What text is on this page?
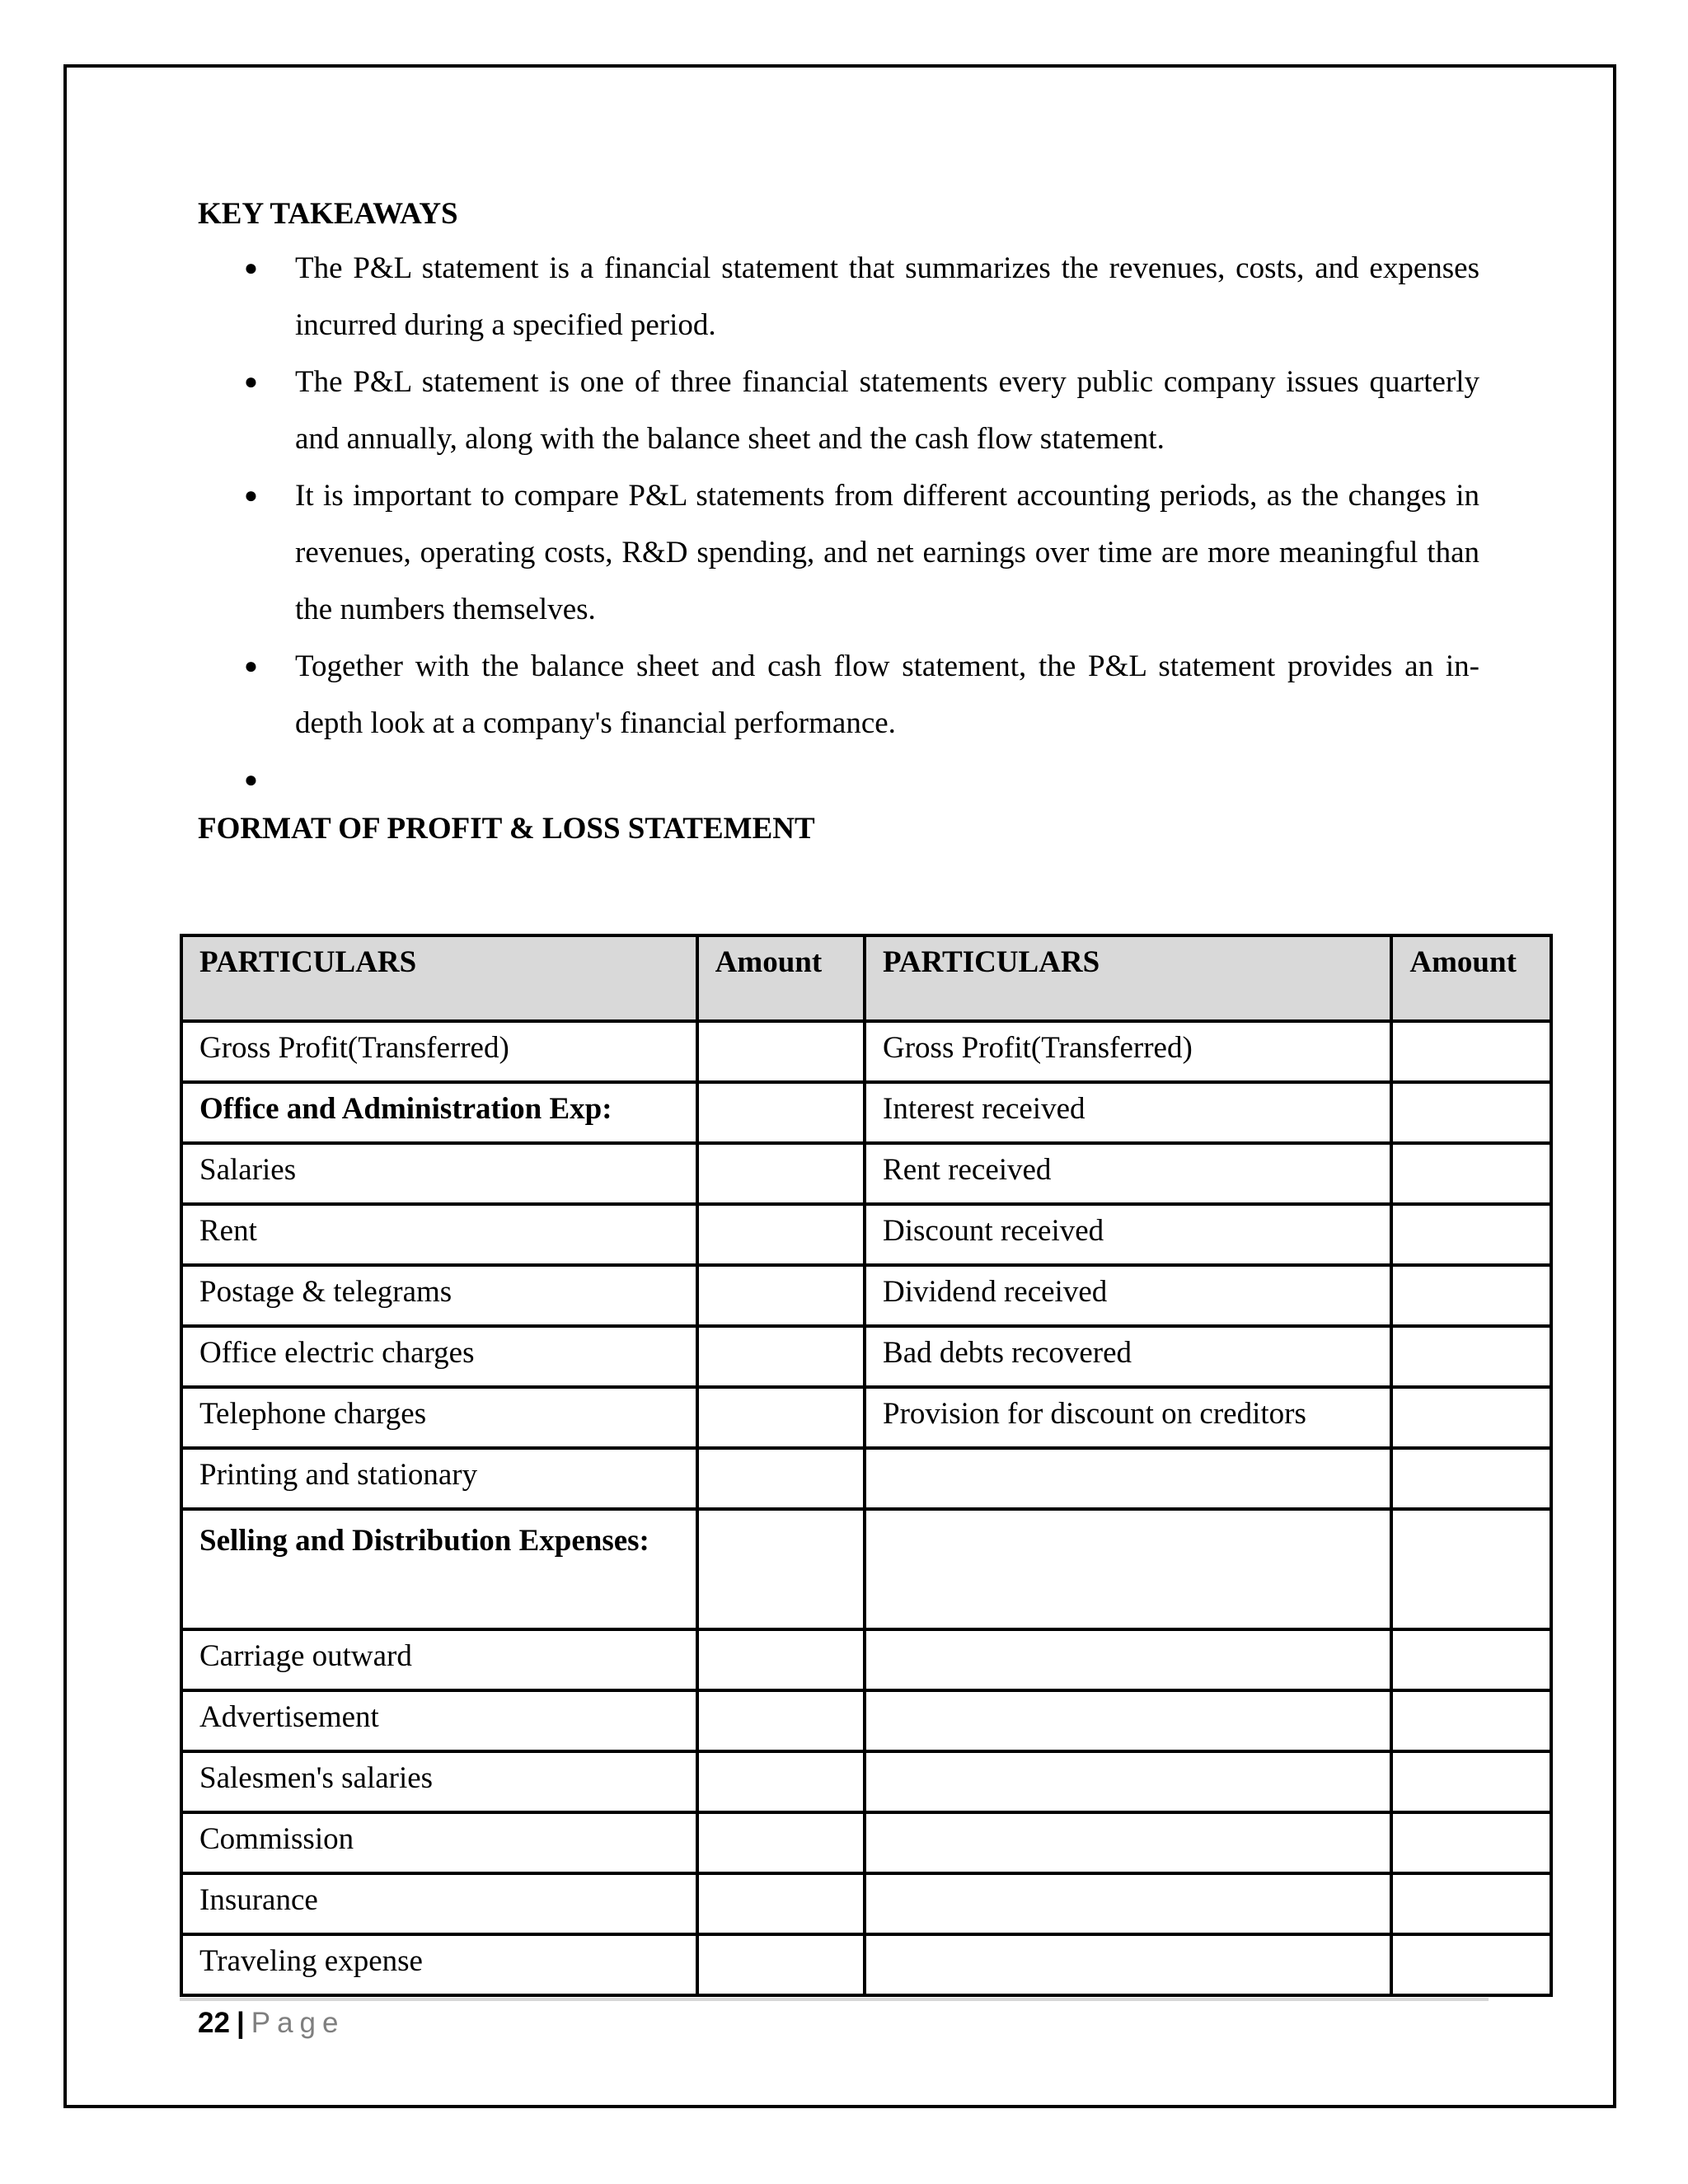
KEY TAKEAWAYS
● The P&L statement is a financial statement that summarizes the revenues, costs, and expenses incurred during a specified period.
● The P&L statement is one of three financial statements every public company issues quarterly and annually, along with the balance sheet and the cash flow statement.
● It is important to compare P&L statements from different accounting periods, as the changes in revenues, operating costs, R&D spending, and net earnings over time are more meaningful than the numbers themselves.
● Together with the balance sheet and cash flow statement, the P&L statement provides an in-depth look at a company's financial performance.
●
FORMAT OF PROFIT & LOSS STATEMENT
PARTICULARS	Amount	PARTICULARS	Amount
Gross Profit(Transferred)		Gross Profit(Transferred)	
Office and Administration Exp:		Interest received	
Salaries		Rent received	
Rent		Discount received	
Postage & telegrams		Dividend received	
Office electric charges		Bad debts recovered	
Telephone charges		Provision for discount on creditors	
Printing and stationary			
Selling and Distribution Expenses:			
Carriage outward			
Advertisement			
Salesmen's salaries			
Commission			
Insurance			
Traveling expense			
22 | Page
